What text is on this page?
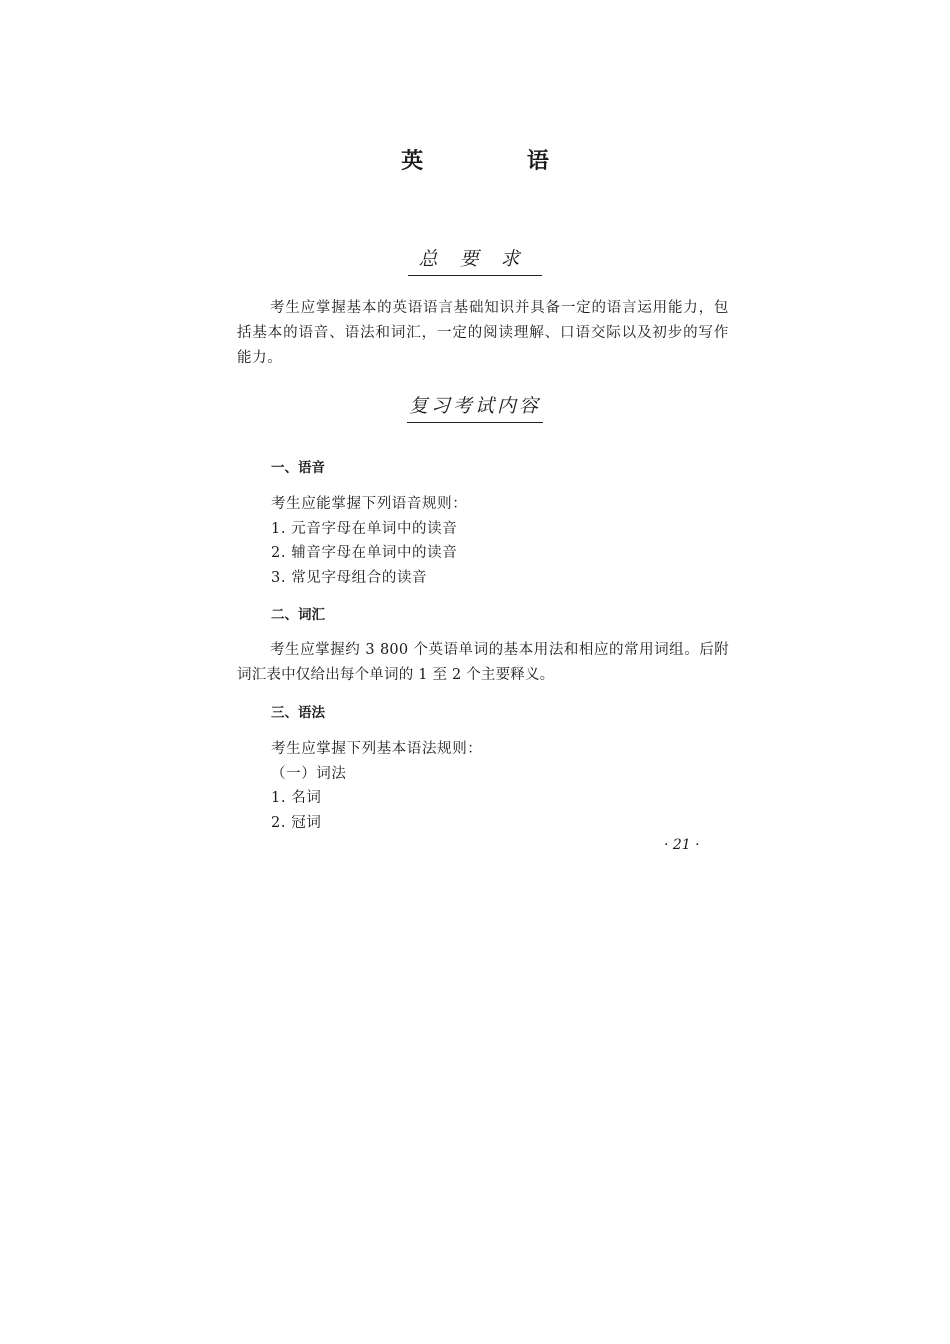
英 语
总要求
考生应掌握基本的英语语言基础知识并具备一定的语言运用能力，包括基本的语音、语法和词汇，一定的阅读理解、口语交际以及初步的写作能力。
复习考试内容
一、语音
考生应能掌握下列语音规则：
1. 元音字母在单词中的读音
2. 辅音字母在单词中的读音
3. 常见字母组合的读音
二、词汇
考生应掌握约 3 800 个英语单词的基本用法和相应的常用词组。后附词汇表中仅给出每个单词的 1 至 2 个主要释义。
三、语法
考生应掌握下列基本语法规则：
（一）词法
1. 名词
2. 冠词
· 21 ·
